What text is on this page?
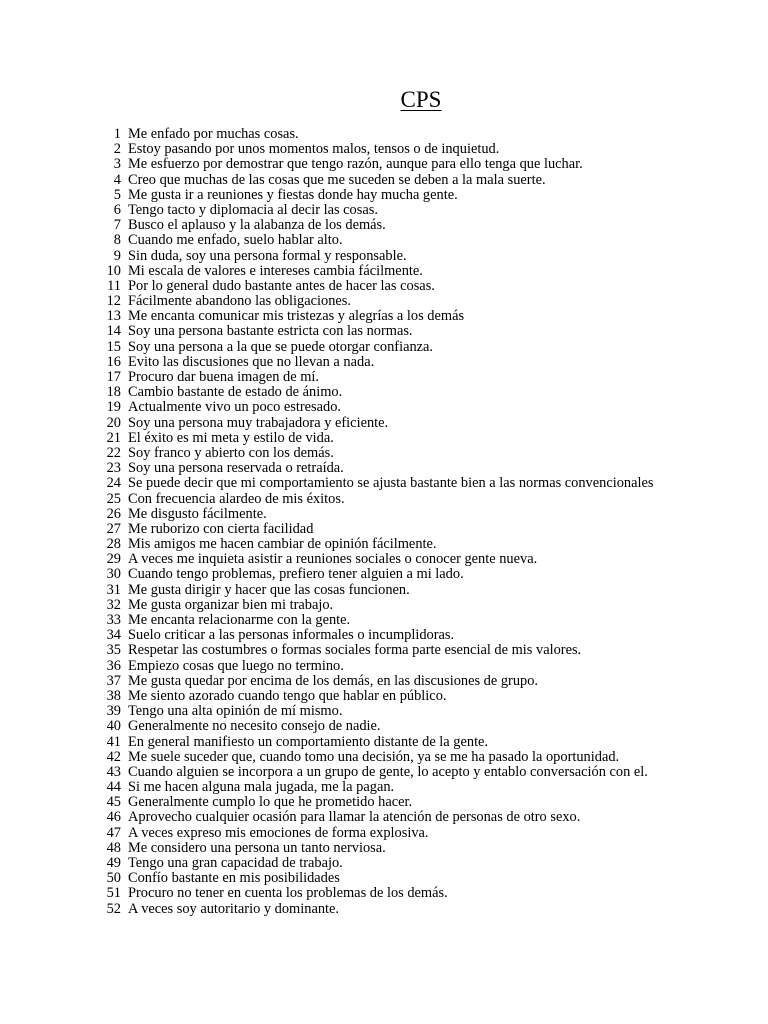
CPS
1 Me enfado por muchas cosas.
2 Estoy pasando por unos momentos malos, tensos o de inquietud.
3 Me esfuerzo por demostrar que tengo razón, aunque para ello tenga que luchar.
4 Creo que muchas de las cosas que me suceden se deben a la mala suerte.
5 Me gusta ir a reuniones y fiestas donde hay mucha gente.
6 Tengo tacto y diplomacia al decir las cosas.
7 Busco el aplauso y la alabanza de los demás.
8 Cuando me enfado, suelo hablar alto.
9 Sin duda, soy una persona formal y responsable.
10 Mi escala de valores e intereses cambia fácilmente.
11 Por lo general dudo bastante antes de hacer las cosas.
12 Fácilmente abandono las obligaciones.
13 Me encanta comunicar mis tristezas y alegrías a los demás
14 Soy una persona bastante estricta con las normas.
15 Soy una persona a la que se puede otorgar confianza.
16 Evito las discusiones que no llevan a nada.
17 Procuro dar buena imagen de mí.
18 Cambio bastante de estado de ánimo.
19 Actualmente vivo un poco estresado.
20 Soy una persona muy trabajadora y eficiente.
21 El éxito es mi meta y estilo de vida.
22 Soy franco y abierto con los demás.
23 Soy una persona reservada o retraída.
24 Se puede decir que mi comportamiento se ajusta bastante bien a las normas convencionales
25 Con frecuencia alardeo de mis éxitos.
26 Me disgusto fácilmente.
27 Me ruborizo con cierta facilidad
28 Mis amigos me hacen cambiar de opinión fácilmente.
29 A veces me inquieta asistir a reuniones sociales o conocer gente nueva.
30 Cuando tengo problemas, prefiero tener alguien a mi lado.
31 Me gusta dirigir y hacer que las cosas funcionen.
32 Me gusta organizar bien mi trabajo.
33 Me encanta relacionarme con la gente.
34 Suelo criticar a las personas informales o incumplidoras.
35 Respetar las costumbres o formas sociales forma parte esencial de mis valores.
36 Empiezo cosas que luego no termino.
37 Me gusta quedar por encima de los demás, en las discusiones de grupo.
38 Me siento azorado cuando tengo que hablar en público.
39 Tengo una alta opinión de mí mismo.
40 Generalmente no necesito consejo de nadie.
41 En general manifiesto un comportamiento distante de la gente.
42 Me suele suceder que, cuando tomo una decisión, ya se me ha pasado la oportunidad.
43 Cuando alguien se incorpora a un grupo de gente, lo acepto y entablo conversación con el.
44 Si me hacen alguna mala jugada, me la pagan.
45 Generalmente cumplo lo que he prometido hacer.
46 Aprovecho cualquier ocasión para llamar la atención de personas de otro sexo.
47 A veces expreso mis emociones de forma explosiva.
48 Me considero una persona un tanto nerviosa.
49 Tengo una gran capacidad de trabajo.
50 Confío bastante en mis posibilidades
51 Procuro no tener en cuenta los problemas de los demás.
52 A veces soy autoritario y dominante.
